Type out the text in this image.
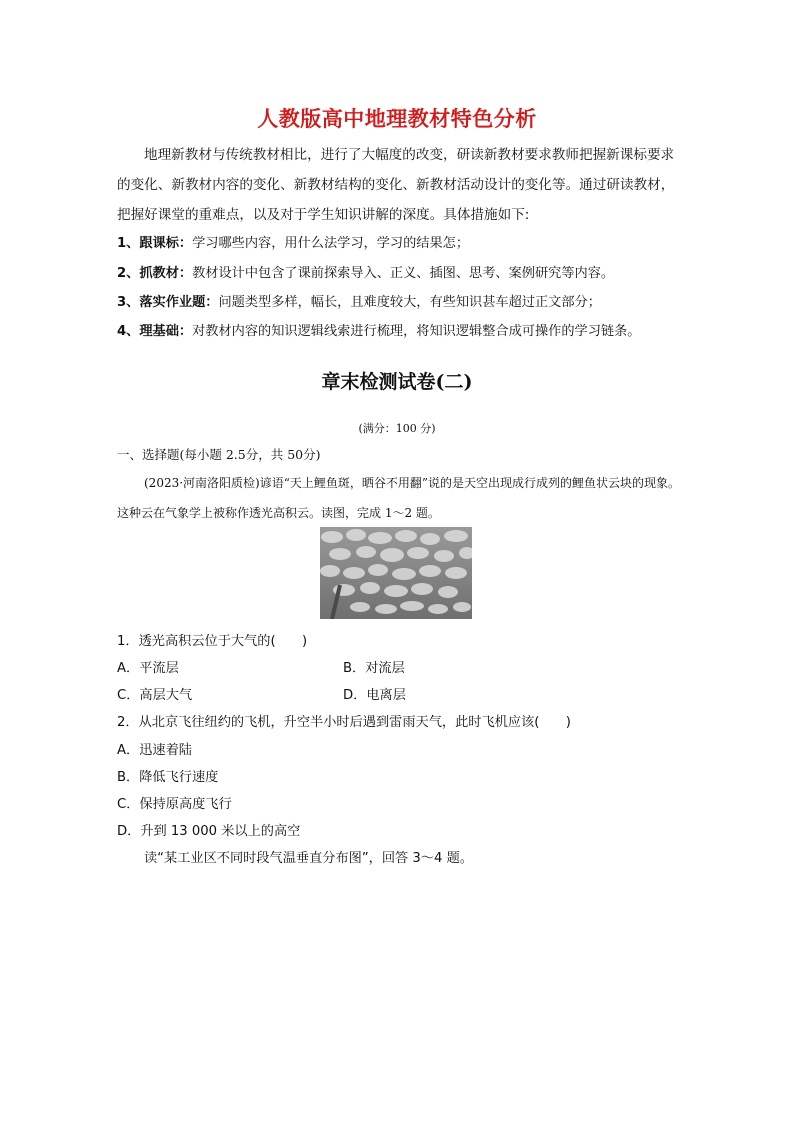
人教版高中地理教材特色分析
地理新教材与传统教材相比，进行了大幅度的改变，研读新教材要求教师把握新课标要求的变化、新教材内容的变化、新教材结构的变化、新教材活动设计的变化等。通过研读教材，把握好课堂的重难点，以及对于学生知识讲解的深度。具体措施如下:
1、跟课标：学习哪些内容，用什么法学习，学习的结果怎；
2、抓教材：教材设计中包含了课前探索导入、正义、插图、思考、案例研究等内容。
3、落实作业题：问题类型多样，幅长，且难度较大，有些知识甚车超过正文部分；
4、理基础：对教材内容的知识逻辑线索进行梳理，将知识逻辑整合成可操作的学习链条。
章末检测试卷(二)
(满分：100 分)
一、选择题(每小题 2.5分，共 50分)
(2023·河南洛阳质检)谚语“天上鲤鱼斑，晒谷不用翻”说的是天空出现成行成列的鲤鱼状云块的现象。这种云在气象学上被称作透光高积云。读图，完成 1～2 题。
1．透光高积云位于大气的(　　)
A．平流层	B．对流层
C．高层大气	D．电离层
2．从北京飞往纽约的飞机，升空半小时后遇到雷雨天气，此时飞机应该(　　)
A．迅速着陆
B．降低飞行速度
C．保持原高度飞行
D．升到 13 000 米以上的高空
读“某工业区不同时段气温垂直分布图”，回答 3～4 题。
